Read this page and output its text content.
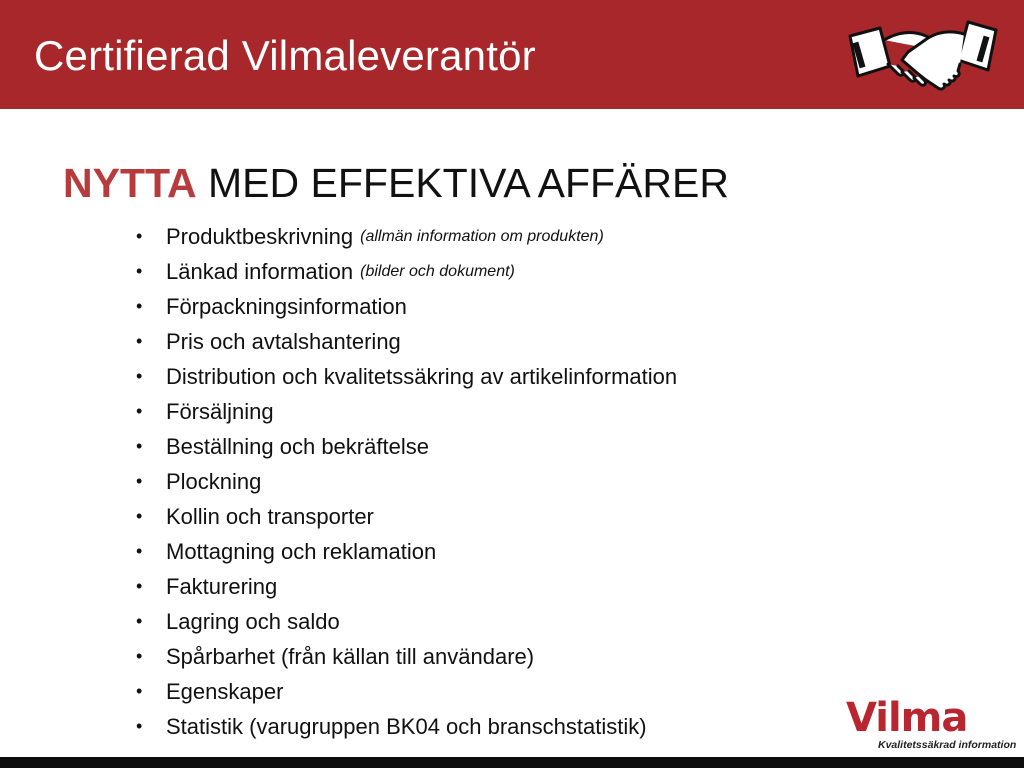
Certifierad Vilmaleverantör
NYTTA MED EFFEKTIVA AFFÄRER
•	Produktbeskrivning (allmän information om produkten)
•	Länkad information (bilder och dokument)
•	Förpackningsinformation
•	Pris och avtalshantering
•	Distribution och kvalitetssäkring av artikelinformation
•	Försäljning
•	Beställning och bekräftelse
•	Plockning
•	Kollin och transporter
•	Mottagning och reklamation
•	Fakturering
•	Lagring och saldo
•	Spårbarhet (från källan till användare)
•	Egenskaper
•	Statistik (varugruppen BK04 och branschstatistik)	Vilma
Kvalitetssäkrad information
